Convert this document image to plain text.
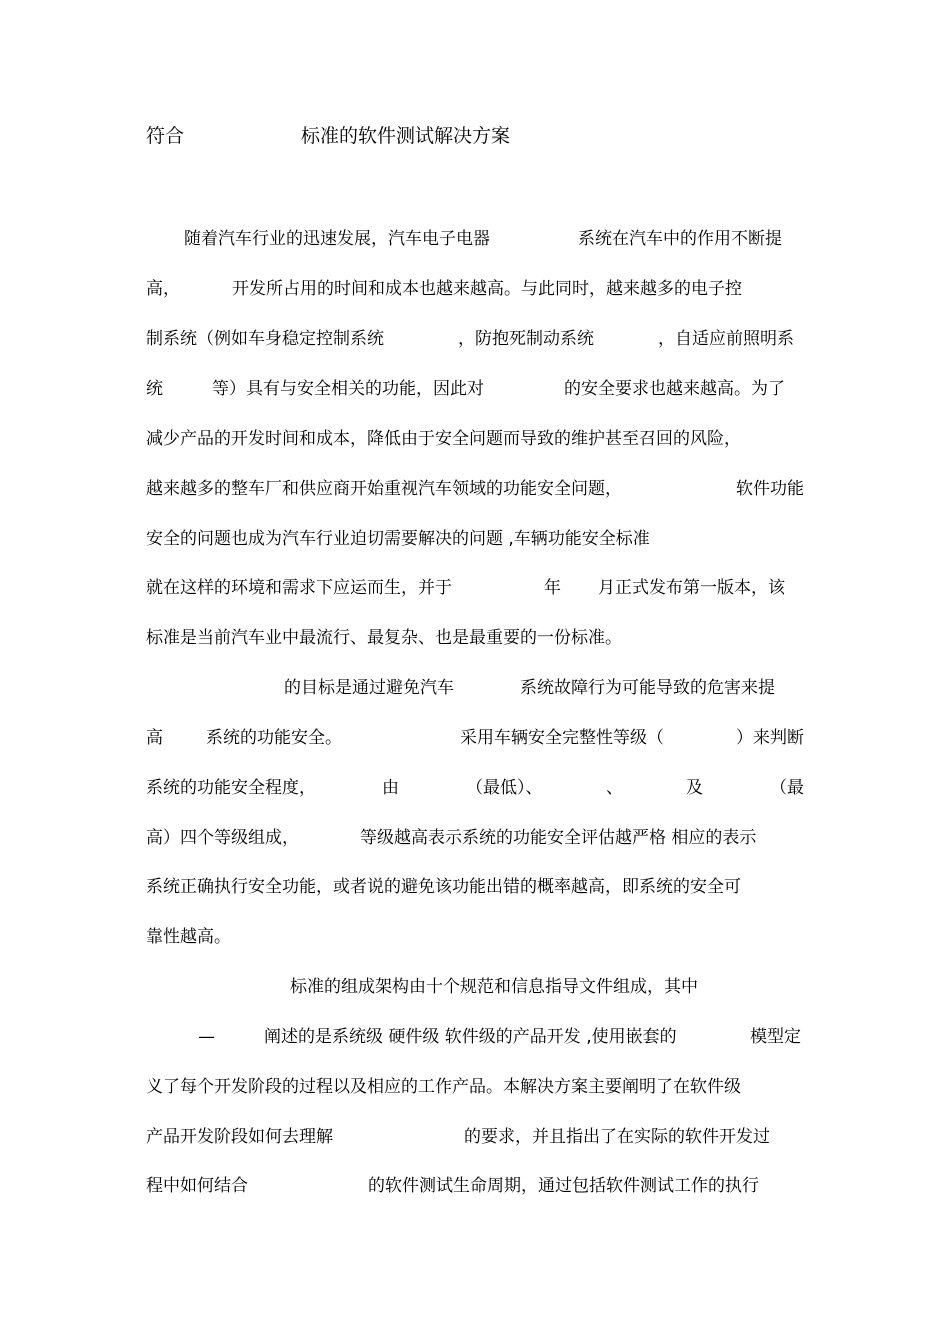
符合	标准的软件测试解决方案
随着汽车行业的迅速发展，汽车电子电器	系统在汽车中的作用不断提
高，	开发所占用的时间和成本也越来越高。与此同时，越来越多的电子控
制系统（例如车身稳定控制系统	，防抱死制动系统	，自适应前照明系
统	等）具有与安全相关的功能，因此对	的安全要求也越来越高。为了
减少产品的开发时间和成本，降低由于安全问题而导致的维护甚至召回的风险，
越来越多的整车厂和供应商开始重视汽车领域的功能安全问题，	软件功能
安全的问题也成为汽车行业迫切需要解决的问题 ,车辆功能安全标准
就在这样的环境和需求下应运而生，并于	年 月正式发布第一版本，该
标准是当前汽车业中最流行、最复杂、也是最重要的一份标准。
的目标是通过避免汽车	系统故障行为可能导致的危害来提
高	系统的功能安全。	采用车辆安全完整性等级（	）来判断
系统的功能安全程度，	由	（最低）、	、	及	（最
高）四个等级组成，	等级越高表示系统的功能安全评估越严格 相应的表示
系统正确执行安全功能，或者说的避免该功能出错的概率越高，即系统的安全可
靠性越高。
标准的组成架构由十个规范和信息指导文件组成，其中
—	阐述的是系统级 硬件级 软件级的产品开发 ,使用嵌套的	模型定
义了每个开发阶段的过程以及相应的工作产品。本解决方案主要阐明了在软件级
产品开发阶段如何去理解	的要求，并且指出了在实际的软件开发过
程中如何结合	的软件测试生命周期，通过包括软件测试工作的执行
